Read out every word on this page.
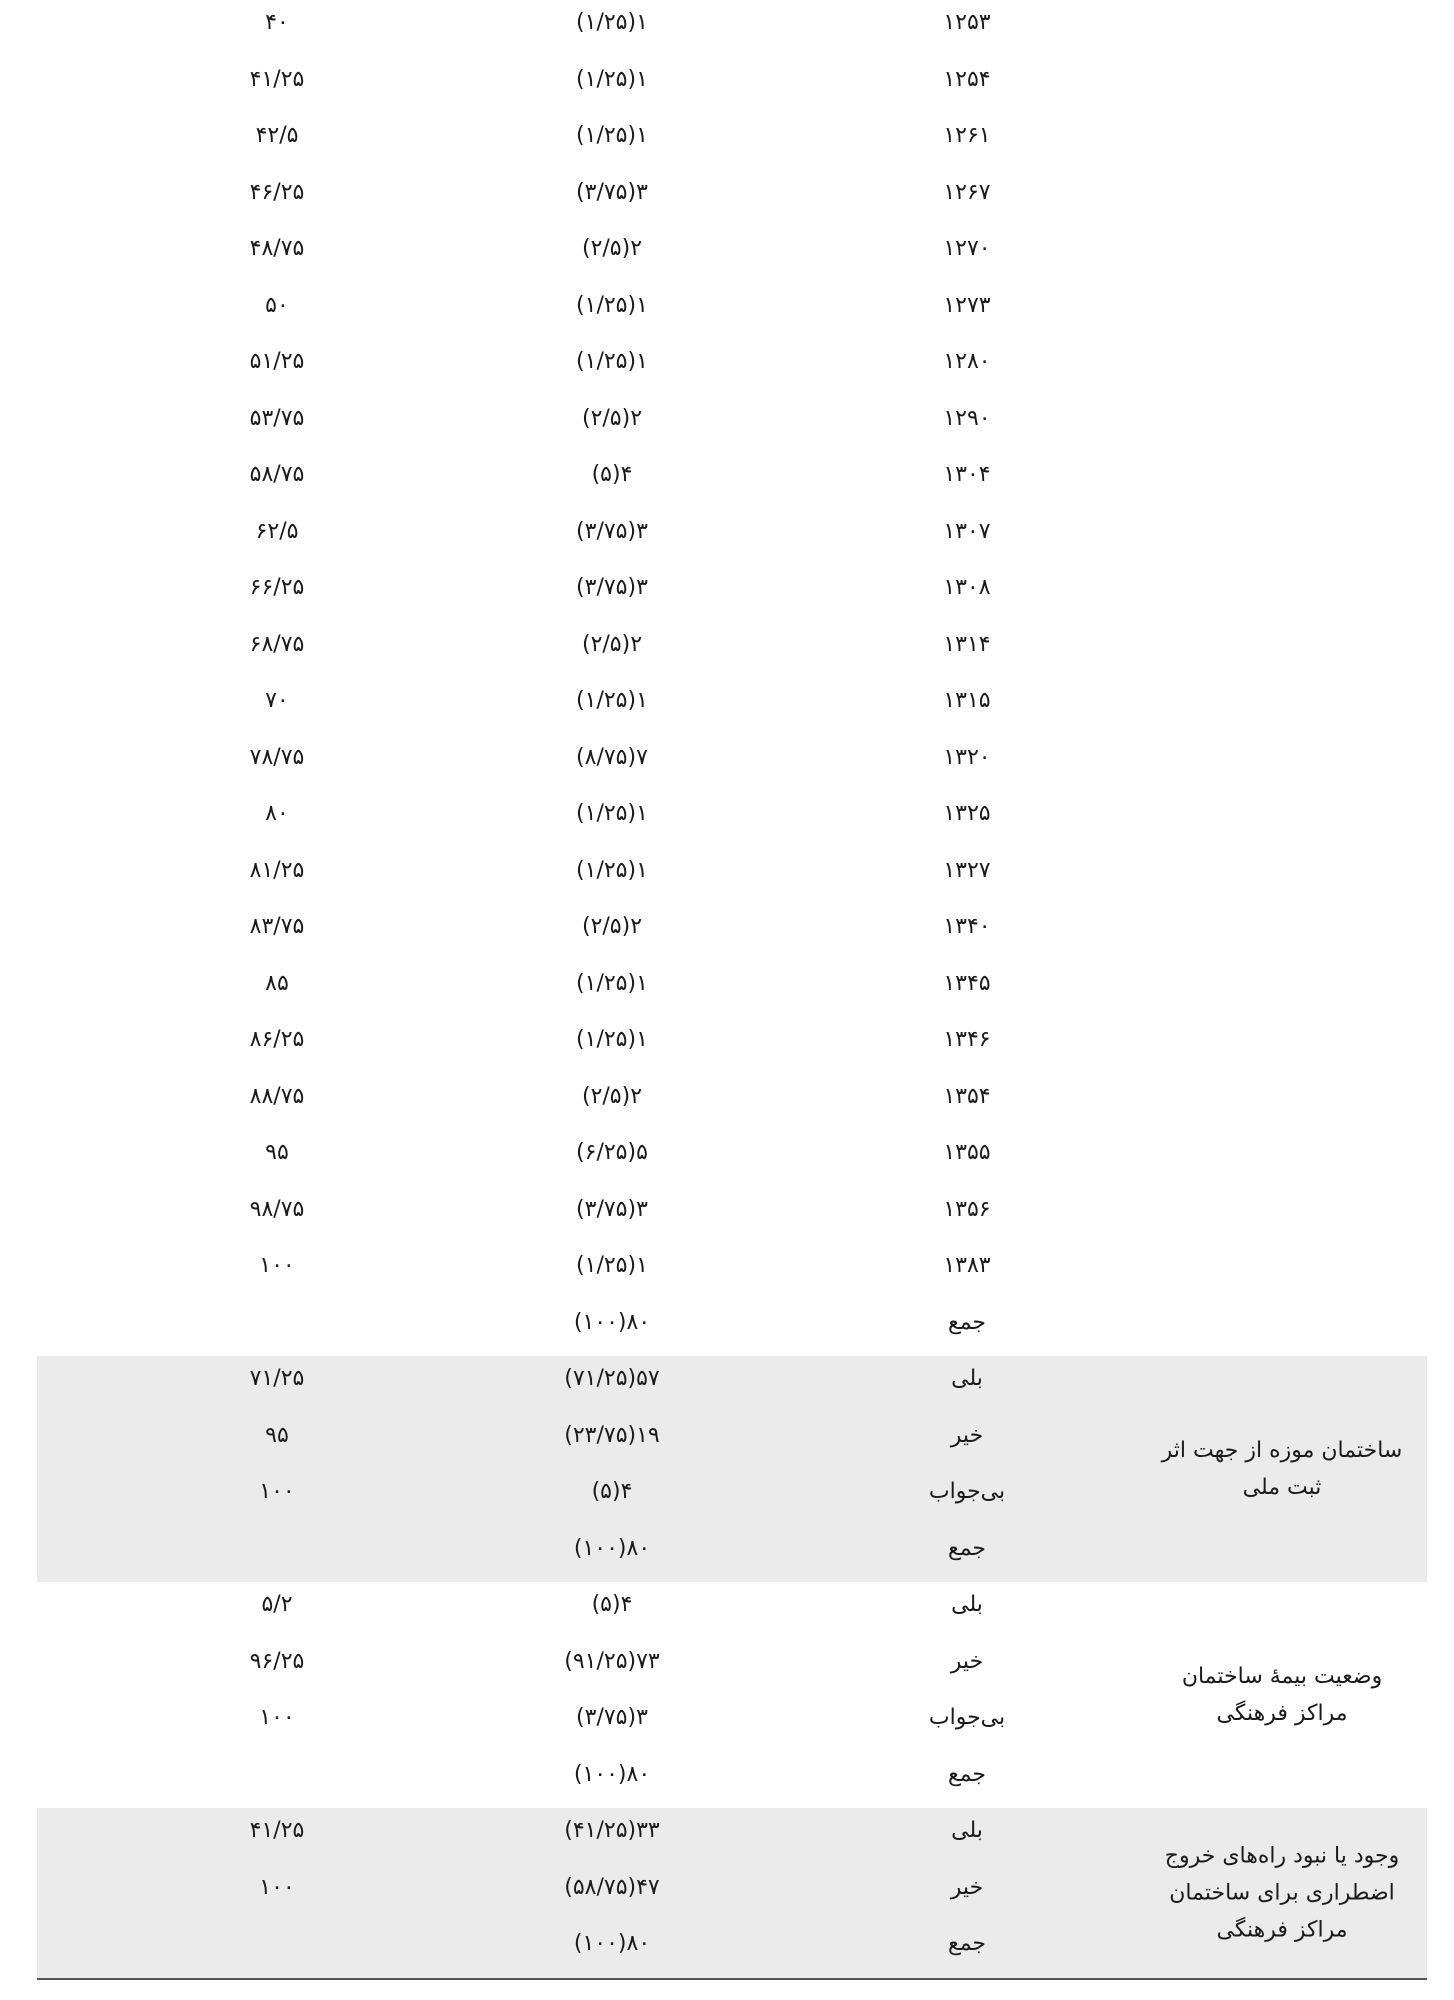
۱۲۵۳
۱(۱/۲۵)
۴۰
۱۲۵۴
۱(۱/۲۵)
۴۱/۲۵
۱۲۶۱
۱(۱/۲۵)
۴۲/۵
۱۲۶۷
۳(۳/۷۵)
۴۶/۲۵
۱۲۷۰
۲(۲/۵)
۴۸/۷۵
۱۲۷۳
۱(۱/۲۵)
۵۰
۱۲۸۰
۱(۱/۲۵)
۵۱/۲۵
۱۲۹۰
۲(۲/۵)
۵۳/۷۵
۱۳۰۴
۴(۵)
۵۸/۷۵
۱۳۰۷
۳(۳/۷۵)
۶۲/۵
۱۳۰۸
۳(۳/۷۵)
۶۶/۲۵
۱۳۱۴
۲(۲/۵)
۶۸/۷۵
۱۳۱۵
۱(۱/۲۵)
۷۰
۱۳۲۰
۷(۸/۷۵)
۷۸/۷۵
۱۳۲۵
۱(۱/۲۵)
۸۰
۱۳۲۷
۱(۱/۲۵)
۸۱/۲۵
۱۳۴۰
۲(۲/۵)
۸۳/۷۵
۱۳۴۵
۱(۱/۲۵)
۸۵
۱۳۴۶
۱(۱/۲۵)
۸۶/۲۵
۱۳۵۴
۲(۲/۵)
۸۸/۷۵
۱۳۵۵
۵(۶/۲۵)
۹۵
۱۳۵۶
۳(۳/۷۵)
۹۸/۷۵
۱۳۸۳
۱(۱/۲۵)
۱۰۰
جمع
۸۰(۱۰۰)
ساختمان موزه از جهت اثر ثبت ملی
بلی
۵۷(۷۱/۲۵)
۷۱/۲۵
خیر
۱۹(۲۳/۷۵)
۹۵
بی‌جواب
۴(۵)
۱۰۰
جمع
۸۰(۱۰۰)
وضعیت بیمهٔ ساختمان مراکز فرهنگی
بلی
۴(۵)
۵/۲
خیر
۷۳(۹۱/۲۵)
۹۶/۲۵
بی‌جواب
۳(۳/۷۵)
۱۰۰
جمع
۸۰(۱۰۰)
وجود یا نبود راه‌های خروج اضطراری برای ساختمان مراکز فرهنگی
بلی
۳۳(۴۱/۲۵)
۴۱/۲۵
خیر
۴۷(۵۸/۷۵)
۱۰۰
جمع
۸۰(۱۰۰)
